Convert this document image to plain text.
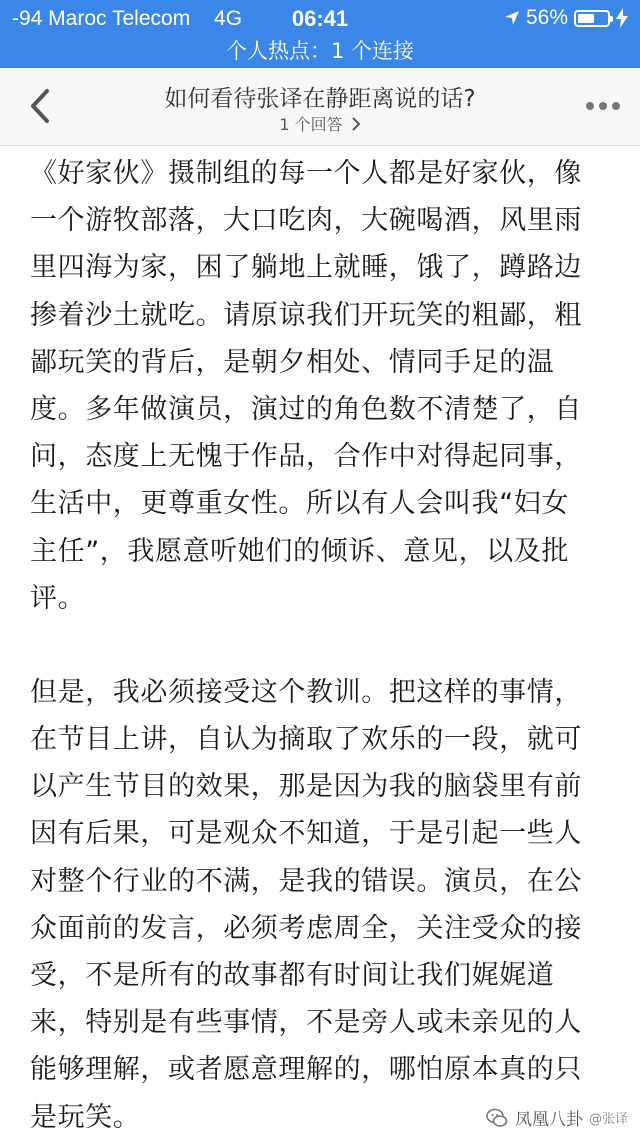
-94 Maroc Telecom 4G	06:41	56%
个人热点：1 个连接
如何看待张译在静距离说的话?
1 个回答
《好家伙》摄制组的每一个人都是好家伙，像
一个游牧部落，大口吃肉，大碗喝酒，风里雨
里四海为家，困了躺地上就睡，饿了，蹲路边
掺着沙土就吃。请原谅我们开玩笑的粗鄙，粗
鄙玩笑的背后，是朝夕相处、情同手足的温
度。多年做演员，演过的角色数不清楚了，自
问，态度上无愧于作品，合作中对得起同事，
生活中，更尊重女性。所以有人会叫我“妇女
主任”，我愿意听她们的倾诉、意见，以及批
评。
但是，我必须接受这个教训。把这样的事情，
在节目上讲，自认为摘取了欢乐的一段，就可
以产生节目的效果，那是因为我的脑袋里有前
因有后果，可是观众不知道，于是引起一些人
对整个行业的不满，是我的错误。演员，在公
众面前的发言，必须考虑周全，关注受众的接
受，不是所有的故事都有时间让我们娓娓道
来，特别是有些事情，不是旁人或未亲见的人
能够理解，或者愿意理解的，哪怕原本真的只
是玩笑。	凤凰八卦 @张译
